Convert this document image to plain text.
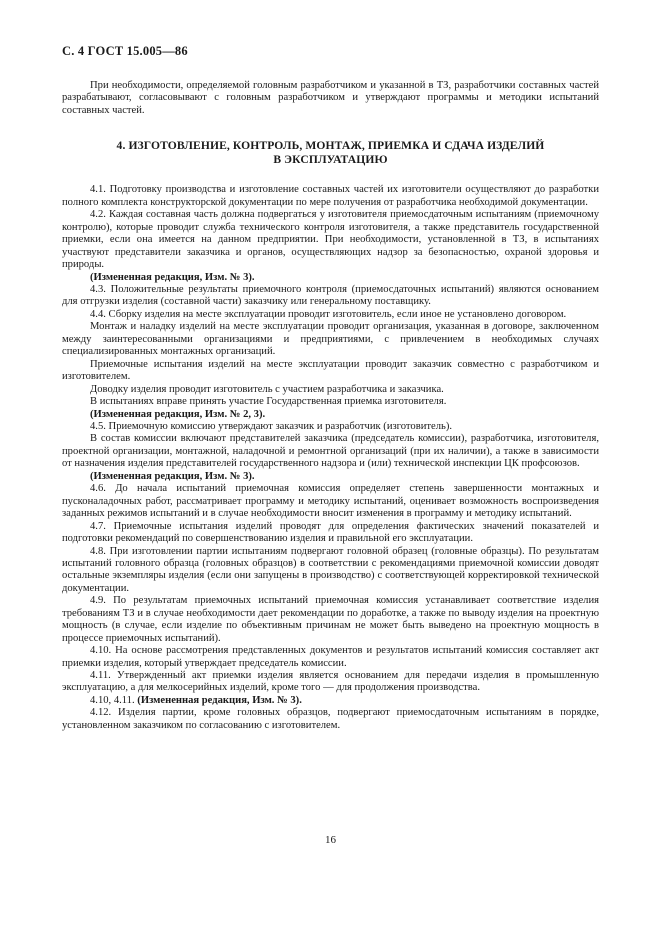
С. 4 ГОСТ 15.005—86

При необходимости, определяемой головным разработчиком и указанной в ТЗ, разработчики составных частей разрабатывают, согласовывают с головным разработчиком и утверждают программы и методики испытаний составных частей.

4. ИЗГОТОВЛЕНИЕ, КОНТРОЛЬ, МОНТАЖ, ПРИЕМКА И СДАЧА ИЗДЕЛИЙ
В ЭКСПЛУАТАЦИЮ

4.1. Подготовку производства и изготовление составных частей их изготовители осуществляют до разработки полного комплекта конструкторской документации по мере получения от разработчика необходимой документации.

4.2. Каждая составная часть должна подвергаться у изготовителя приемосдаточным испытаниям (приемочному контролю), которые проводит служба технического контроля изготовителя, а также представитель государственной приемки, если она имеется на данном предприятии. При необходимости, установленной в ТЗ, в испытаниях участвуют представители заказчика и органов, осуществляющих надзор за безопасностью, охраной здоровья и природы.

(Измененная редакция, Изм. № 3).

4.3. Положительные результаты приемочного контроля (приемосдаточных испытаний) являются основанием для отгрузки изделия (составной части) заказчику или генеральному поставщику.

4.4. Сборку изделия на месте эксплуатации проводит изготовитель, если иное не установлено договором.

Монтаж и наладку изделий на месте эксплуатации проводит организация, указанная в договоре, заключенном между заинтересованными организациями и предприятиями, с привлечением в необходимых случаях специализированных монтажных организаций.

Приемочные испытания изделий на месте эксплуатации проводит заказчик совместно с разработчиком и изготовителем.

Доводку изделия проводит изготовитель с участием разработчика и заказчика.

В испытаниях вправе принять участие Государственная приемка изготовителя.

(Измененная редакция, Изм. № 2, 3).

4.5. Приемочную комиссию утверждают заказчик и разработчик (изготовитель).

В состав комиссии включают представителей заказчика (председатель комиссии), разработчика, изготовителя, проектной организации, монтажной, наладочной и ремонтной организаций (при их наличии), а также в зависимости от назначения изделия представителей государственного надзора и (или) технической инспекции ЦК профсоюзов.

(Измененная редакция, Изм. № 3).

4.6. До начала испытаний приемочная комиссия определяет степень завершенности монтажных и пусконаладочных работ, рассматривает программу и методику испытаний, оценивает возможность воспроизведения заданных режимов испытаний и в случае необходимости вносит изменения в программу и методику испытаний.

4.7. Приемочные испытания изделий проводят для определения фактических значений показателей и подготовки рекомендаций по совершенствованию изделия и правильной его эксплуатации.

4.8. При изготовлении партии испытаниям подвергают головной образец (головные образцы). По результатам испытаний головного образца (головных образцов) в соответствии с рекомендациями приемочной комиссии доводят остальные экземпляры изделия (если они запущены в производство) с соответствующей корректировкой технической документации.

4.9. По результатам приемочных испытаний приемочная комиссия устанавливает соответствие изделия требованиям ТЗ и в случае необходимости дает рекомендации по доработке, а также по выводу изделия на проектную мощность (в случае, если изделие по объективным причинам не может быть выведено на проектную мощность в процессе приемочных испытаний).

4.10. На основе рассмотрения представленных документов и результатов испытаний комиссия составляет акт приемки изделия, который утверждает председатель комиссии.

4.11. Утвержденный акт приемки изделия является основанием для передачи изделия в промышленную эксплуатацию, а для мелкосерийных изделий, кроме того — для продолжения производства.

4.10, 4.11. (Измененная редакция, Изм. № 3).

4.12. Изделия партии, кроме головных образцов, подвергают приемосдаточным испытаниям в порядке, установленном заказчиком по согласованию с изготовителем.

16
